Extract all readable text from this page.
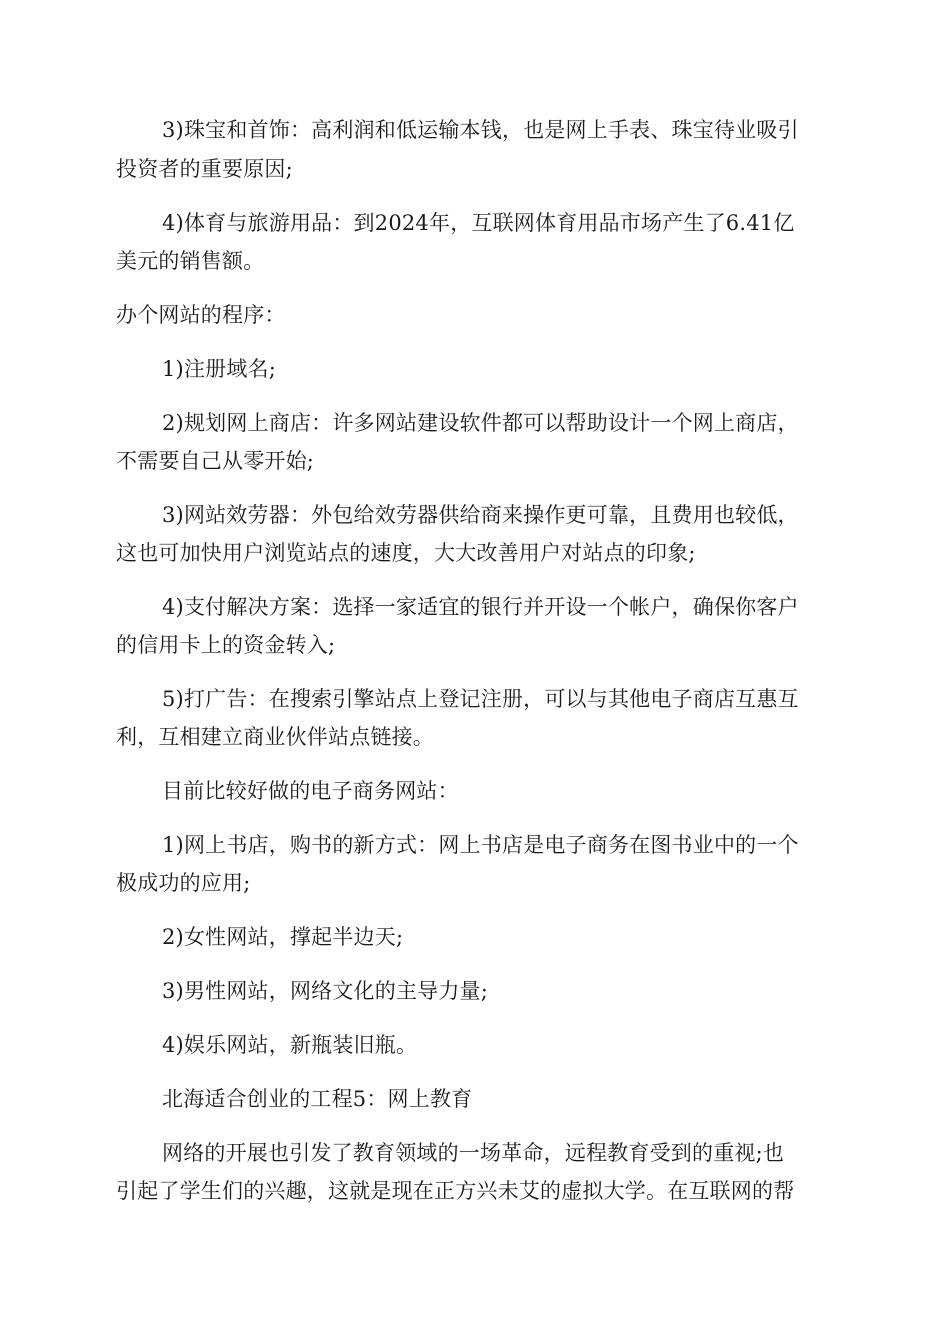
3)珠宝和首饰：高利润和低运输本钱，也是网上手表、珠宝待业吸引
投资者的重要原因;
4)体育与旅游用品：到2024年，互联网体育用品市场产生了6.41亿
美元的销售额。
办个网站的程序：
1)注册域名;
2)规划网上商店：许多网站建设软件都可以帮助设计一个网上商店，
不需要自己从零开始;
3)网站效劳器：外包给效劳器供给商来操作更可靠，且费用也较低，
这也可加快用户浏览站点的速度，大大改善用户对站点的印象;
4)支付解决方案：选择一家适宜的银行并开设一个帐户，确保你客户
的信用卡上的资金转入;
5)打广告：在搜索引擎站点上登记注册，可以与其他电子商店互惠互
利，互相建立商业伙伴站点链接。
目前比较好做的电子商务网站：
1)网上书店，购书的新方式：网上书店是电子商务在图书业中的一个
极成功的应用;
2)女性网站，撑起半边天;
3)男性网站，网络文化的主导力量;
4)娱乐网站，新瓶装旧瓶。
北海适合创业的工程5：网上教育
网络的开展也引发了教育领域的一场革命，远程教育受到的重视;也
引起了学生们的兴趣，这就是现在正方兴未艾的虚拟大学。在互联网的帮
